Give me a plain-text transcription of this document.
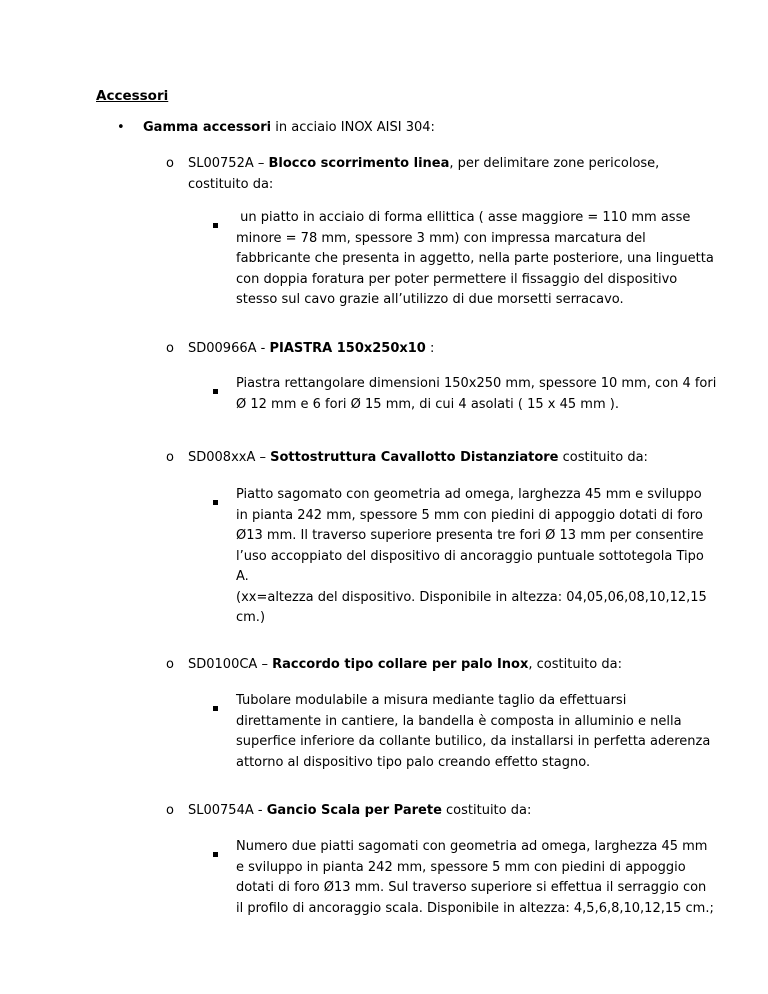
Accessori
• Gamma accessori in acciaio INOX AISI 304:
o SL00752A – Blocco scorrimento linea, per delimitare zone pericolose,
costituito da:
un piatto in acciaio di forma ellittica ( asse maggiore = 110 mm asse
minore = 78 mm, spessore 3 mm) con impressa marcatura del
fabbricante che presenta in aggetto, nella parte posteriore, una linguetta
con doppia foratura per poter permettere il fissaggio del dispositivo
stesso sul cavo grazie all’utilizzo di due morsetti serracavo.
o SD00966A - PIASTRA 150x250x10 :
Piastra rettangolare dimensioni 150x250 mm, spessore 10 mm, con 4 fori
Ø 12 mm e 6 fori Ø 15 mm, di cui 4 asolati ( 15 x 45 mm ).
o SD008xxA – Sottostruttura Cavallotto Distanziatore costituito da:
Piatto sagomato con geometria ad omega, larghezza 45 mm e sviluppo
in pianta 242 mm, spessore 5 mm con piedini di appoggio dotati di foro
Ø13 mm. Il traverso superiore presenta tre fori Ø 13 mm per consentire
l’uso accoppiato del dispositivo di ancoraggio puntuale sottotegola Tipo
A.
(xx=altezza del dispositivo. Disponibile in altezza: 04,05,06,08,10,12,15
cm.)
o SD0100CA – Raccordo tipo collare per palo Inox, costituito da:
Tubolare modulabile a misura mediante taglio da effettuarsi
direttamente in cantiere, la bandella è composta in alluminio e nella
superfice inferiore da collante butilico, da installarsi in perfetta aderenza
attorno al dispositivo tipo palo creando effetto stagno.
o SL00754A - Gancio Scala per Parete costituito da:
Numero due piatti sagomati con geometria ad omega, larghezza 45 mm
e sviluppo in pianta 242 mm, spessore 5 mm con piedini di appoggio
dotati di foro Ø13 mm. Sul traverso superiore si effettua il serraggio con
il profilo di ancoraggio scala. Disponibile in altezza: 4,5,6,8,10,12,15 cm.;
